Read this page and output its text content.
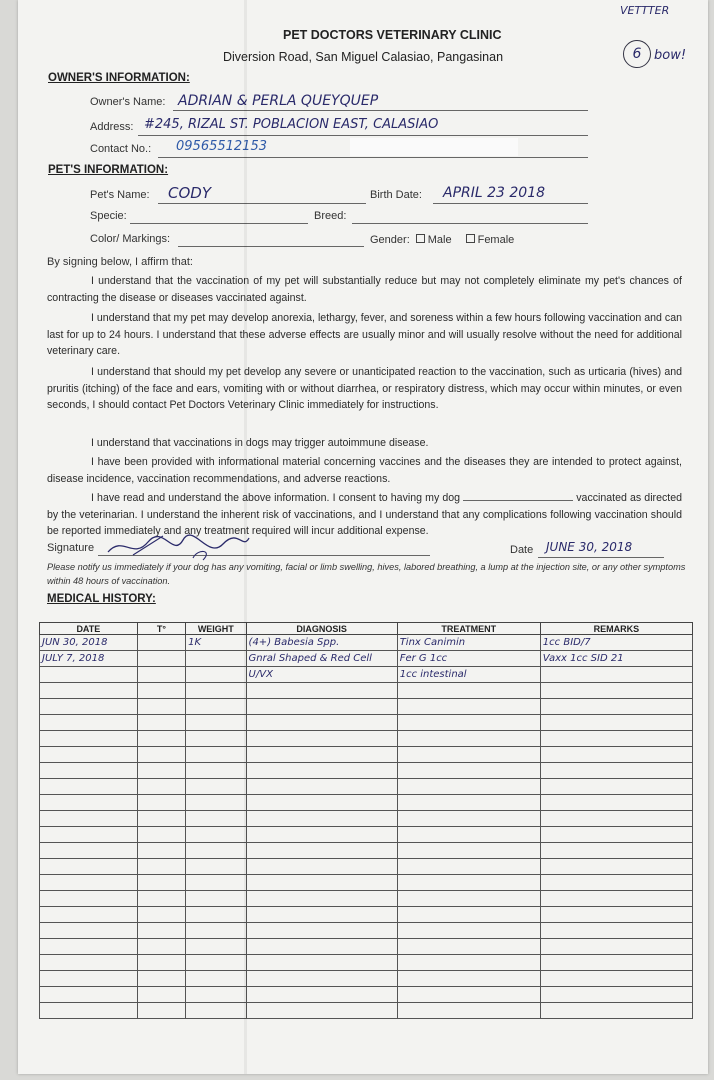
VETTTER
6 bow!
PET DOCTORS VETERINARY CLINIC
Diversion Road, San Miguel Calasiao, Pangasinan
OWNER'S INFORMATION:
Owner's Name: ADRIAN & PERLA QUEYQUEP
Address: #245, RIZAL ST. POBLACION EAST, CALASIAO
Contact No.: 09565512153
PET'S INFORMATION:
Pet's Name: CODY	Birth Date: APRIL 23 2018
Specie:	Breed:
Color/ Markings:	Gender: Male Female
By signing below, I affirm that:
I understand that the vaccination of my pet will substantially reduce but may not completely eliminate my pet's chances of contracting the disease or diseases vaccinated against.
I understand that my pet may develop anorexia, lethargy, fever, and soreness within a few hours following vaccination and can last for up to 24 hours. I understand that these adverse effects are usually minor and will usually resolve without the need for additional veterinary care.
I understand that should my pet develop any severe or unanticipated reaction to the vaccination, such as urticaria (hives) and pruritis (itching) of the face and ears, vomiting with or without diarrhea, or respiratory distress, which may occur within minutes, or even seconds, I should contact Pet Doctors Veterinary Clinic immediately for instructions.
I understand that vaccinations in dogs may trigger autoimmune disease.
I have been provided with informational material concerning vaccines and the diseases they are intended to protect against, disease incidence, vaccination recommendations, and adverse reactions.
I have read and understand the above information. I consent to having my dog	vaccinated as directed by the veterinarian. I understand the inherent risk of vaccinations, and I understand that any complications following vaccination should be reported immediately and any treatment required will incur additional expense.
Signature	Date JUNE 30, 2018
Please notify us immediately if your dog has any vomiting, facial or limb swelling, hives, labored breathing, a lump at the injection site, or any other symptoms within 48 hours of vaccination.
MEDICAL HISTORY:
DATE	T°	WEIGHT	DIAGNOSIS	TREATMENT	REMARKS
JUN 30, 2018		1K	(4+) Babesia Spp.	Tinx Canimin	1cc BID/7
JULY 7, 2018			Gnral Shaped & Red Cell	Fer G 1cc	Vaxx 1cc SID 21
			U/VX	1cc intestinal	
